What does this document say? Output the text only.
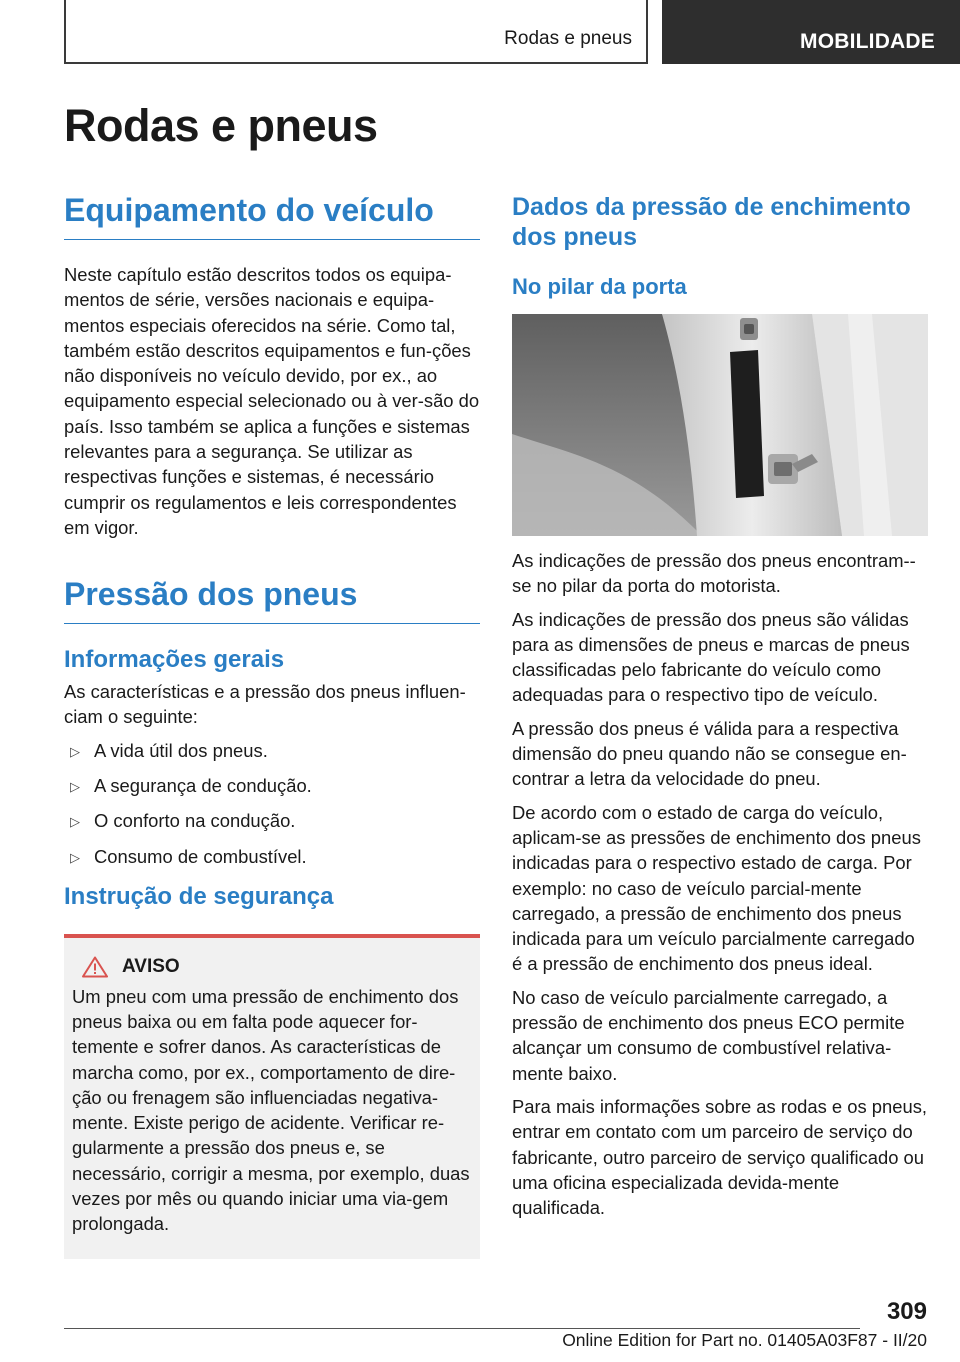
Rodas e pneus	MOBILIDADE
Rodas e pneus
Equipamento do veículo

Neste capítulo estão descritos todos os equipa-mentos de série, versões nacionais e equipa-mentos especiais oferecidos na série. Como tal, também estão descritos equipamentos e fun-ções não disponíveis no veículo devido, por ex., ao equipamento especial selecionado ou à ver-são do país. Isso também se aplica a funções e sistemas relevantes para a segurança. Se utilizar as respectivas funções e sistemas, é necessário cumprir os regulamentos e leis correspondentes em vigor.

Pressão dos pneus
Informações gerais

As características e a pressão dos pneus influen-ciam o seguinte:

▷ A vida útil dos pneus.
▷ A segurança de condução.
▷ O conforto na condução.
▷ Consumo de combustível.
Instrução de segurança
AVISO

Um pneu com uma pressão de enchimento dos pneus baixa ou em falta pode aquecer for-temente e sofrer danos. As características de marcha como, por ex., comportamento de dire-ção ou frenagem são influenciadas negativa-mente. Existe perigo de acidente. Verificar re-gularmente a pressão dos pneus e, se necessário, corrigir a mesma, por exemplo, duas vezes por mês ou quando iniciar uma via-gem prolongada.

Dados da pressão de enchimento dos pneus
No pilar da porta

As indicações de pressão dos pneus encontram--se no pilar da porta do motorista.

As indicações de pressão dos pneus são válidas para as dimensões de pneus e marcas de pneus classificadas pelo fabricante do veículo como adequadas para o respectivo tipo de veículo.

A pressão dos pneus é válida para a respectiva dimensão do pneu quando não se consegue en-contrar a letra da velocidade do pneu.

De acordo com o estado de carga do veículo, aplicam-se as pressões de enchimento dos pneus indicadas para o respectivo estado de carga. Por exemplo: no caso de veículo parcial-mente carregado, a pressão de enchimento dos pneus indicada para um veículo parcialmente carregado é a pressão de enchimento dos pneus ideal.

No caso de veículo parcialmente carregado, a pressão de enchimento dos pneus ECO permite alcançar um consumo de combustível relativa-mente baixo.

Para mais informações sobre as rodas e os pneus, entrar em contato com um parceiro de serviço do fabricante, outro parceiro de serviço qualificado ou uma oficina especializada devida-mente qualificada.

309
Online Edition for Part no. 01405A03F87 - II/20
